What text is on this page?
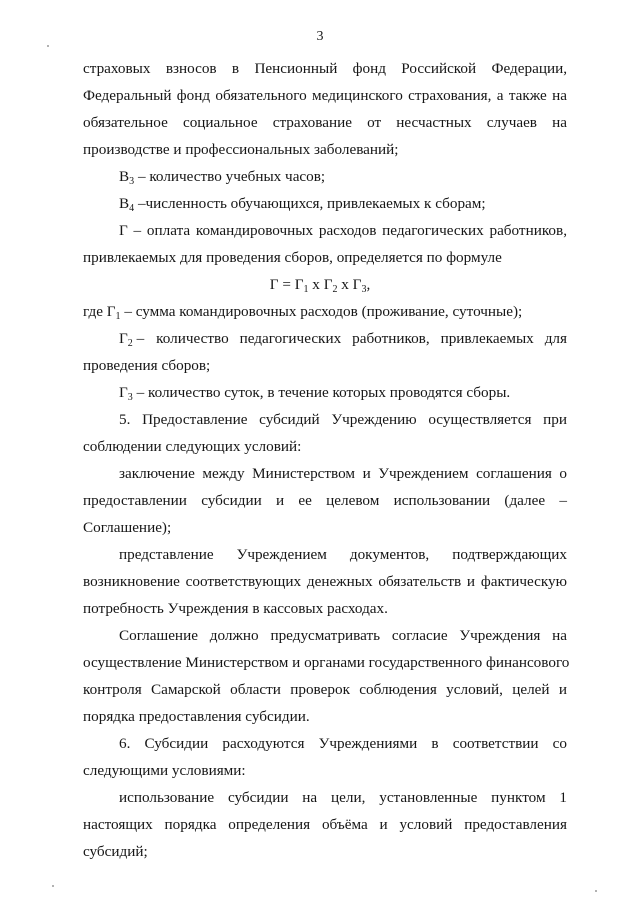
3
страховых взносов в Пенсионный фонд Российской Федерации,
Федеральный фонд обязательного медицинского страхования, а также на
обязательное социальное страхование от несчастных случаев на
производстве и профессиональных заболеваний;
$В_3$ – количество учебных часов;
$В_4$ –численность обучающихся, привлекаемых к сборам;
Г – оплата командировочных расходов педагогических работников,
привлекаемых для проведения сборов, определяется по формуле
$Г = Г_1$ x $Г_2$ x $Г_3$,
где $Г_1$ – сумма командировочных расходов (проживание, суточные);
$Г_2$ – количество педагогических работников, привлекаемых для
проведения сборов;
$Г_3$ – количество суток, в течение которых проводятся сборы.
5. Предоставление субсидий Учреждению осуществляется при
соблюдении следующих условий:
заключение между Министерством и Учреждением соглашения о
предоставлении субсидии и ее целевом использовании (далее –
Соглашение);
представление Учреждением документов, подтверждающих
возникновение соответствующих денежных обязательств и фактическую
потребность Учреждения в кассовых расходах.
Соглашение должно предусматривать согласие Учреждения на
осуществление Министерством и органами государственного финансового
контроля Самарской области проверок соблюдения условий, целей и
порядка предоставления субсидии.
6. Субсидии расходуются Учреждениями в соответствии со
следующими условиями:
использование субсидии на цели, установленные пунктом 1
настоящих порядка определения объёма и условий предоставления
субсидий;
